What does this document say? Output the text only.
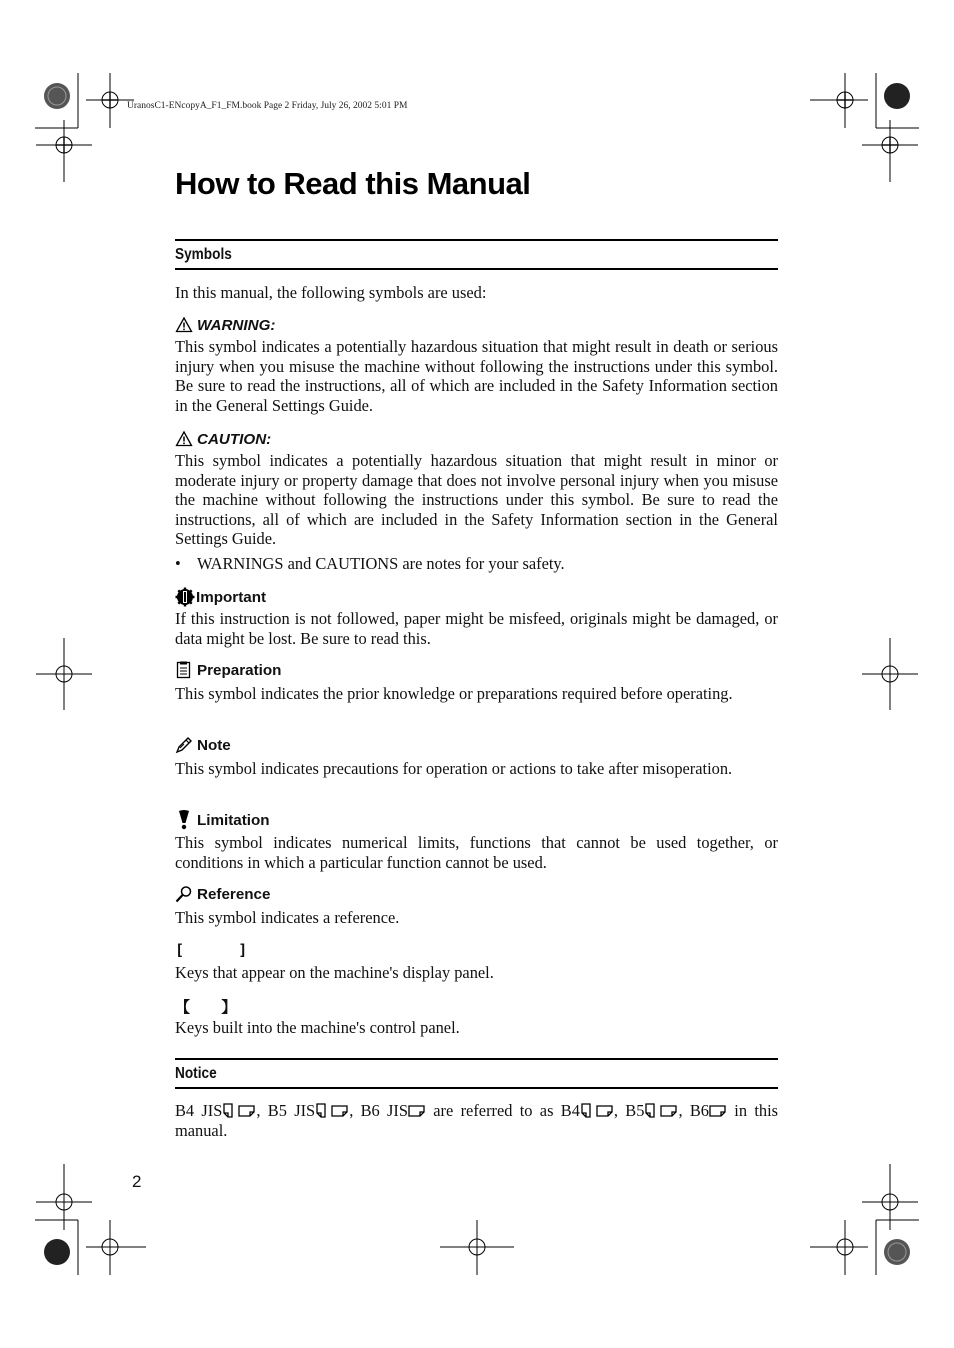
UranosC1-ENcopyA_F1_FM.book Page 2 Friday, July 26, 2002 5:01 PM
How to Read this Manual
Symbols
In this manual, the following symbols are used:
WARNING:
This symbol indicates a potentially hazardous situation that might result in death or serious injury when you misuse the machine without following the instructions under this symbol. Be sure to read the instructions, all of which are included in the Safety Information section in the General Settings Guide.
CAUTION:
This symbol indicates a potentially hazardous situation that might result in minor or moderate injury or property damage that does not involve personal injury when you misuse the machine without following the instructions under this symbol. Be sure to read the instructions, all of which are included in the Safety Information section in the General Settings Guide.
• WARNINGS and CAUTIONS are notes for your safety.
Important
If this instruction is not followed, paper might be misfeed, originals might be damaged, or data might be lost. Be sure to read this.
Preparation
This symbol indicates the prior knowledge or preparations required before operating.
Note
This symbol indicates precautions for operation or actions to take after misoperation.
Limitation
This symbol indicates numerical limits, functions that cannot be used together, or conditions in which a particular function cannot be used.
Reference
This symbol indicates a reference.
[      ]
Keys that appear on the machine's display panel.
【      】
Keys built into the machine's control panel.
Notice
B4 JIS , B5 JIS , B6 JIS are referred to as B4 , B5 , B6 in this manual.
2
